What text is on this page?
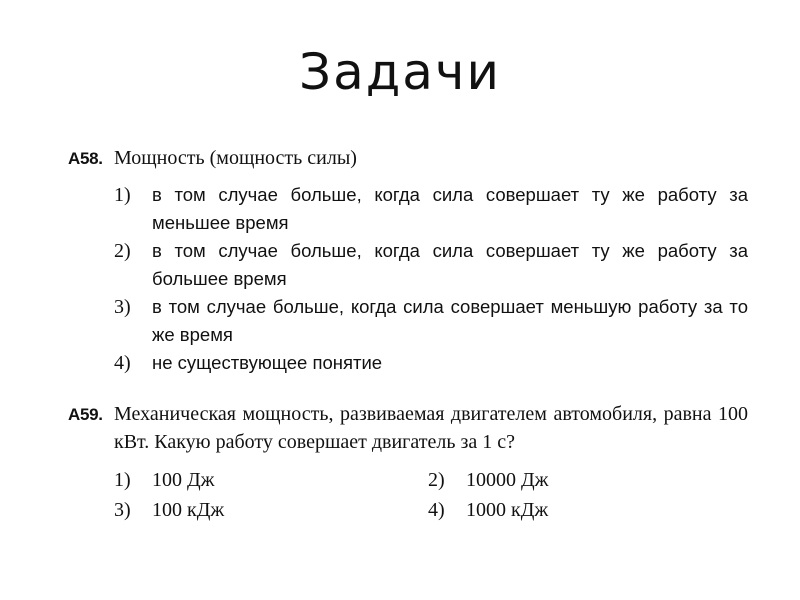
Задачи
A58. Мощность (мощность силы)
1)	в том случае больше, когда сила совершает ту же работу за меньшее время
2)	в том случае больше, когда сила совершает ту же работу за большее время
3)	в том случае больше, когда сила совершает меньшую работу за то же время
4)	не существующее понятие
A59. Механическая мощность, развиваемая двигателем автомобиля, равна 100 кВт. Какую работу совершает двигатель за 1 с?
1)	100 Дж	2)	10000 Дж
3)	100 кДж	4)	1000 кДж
